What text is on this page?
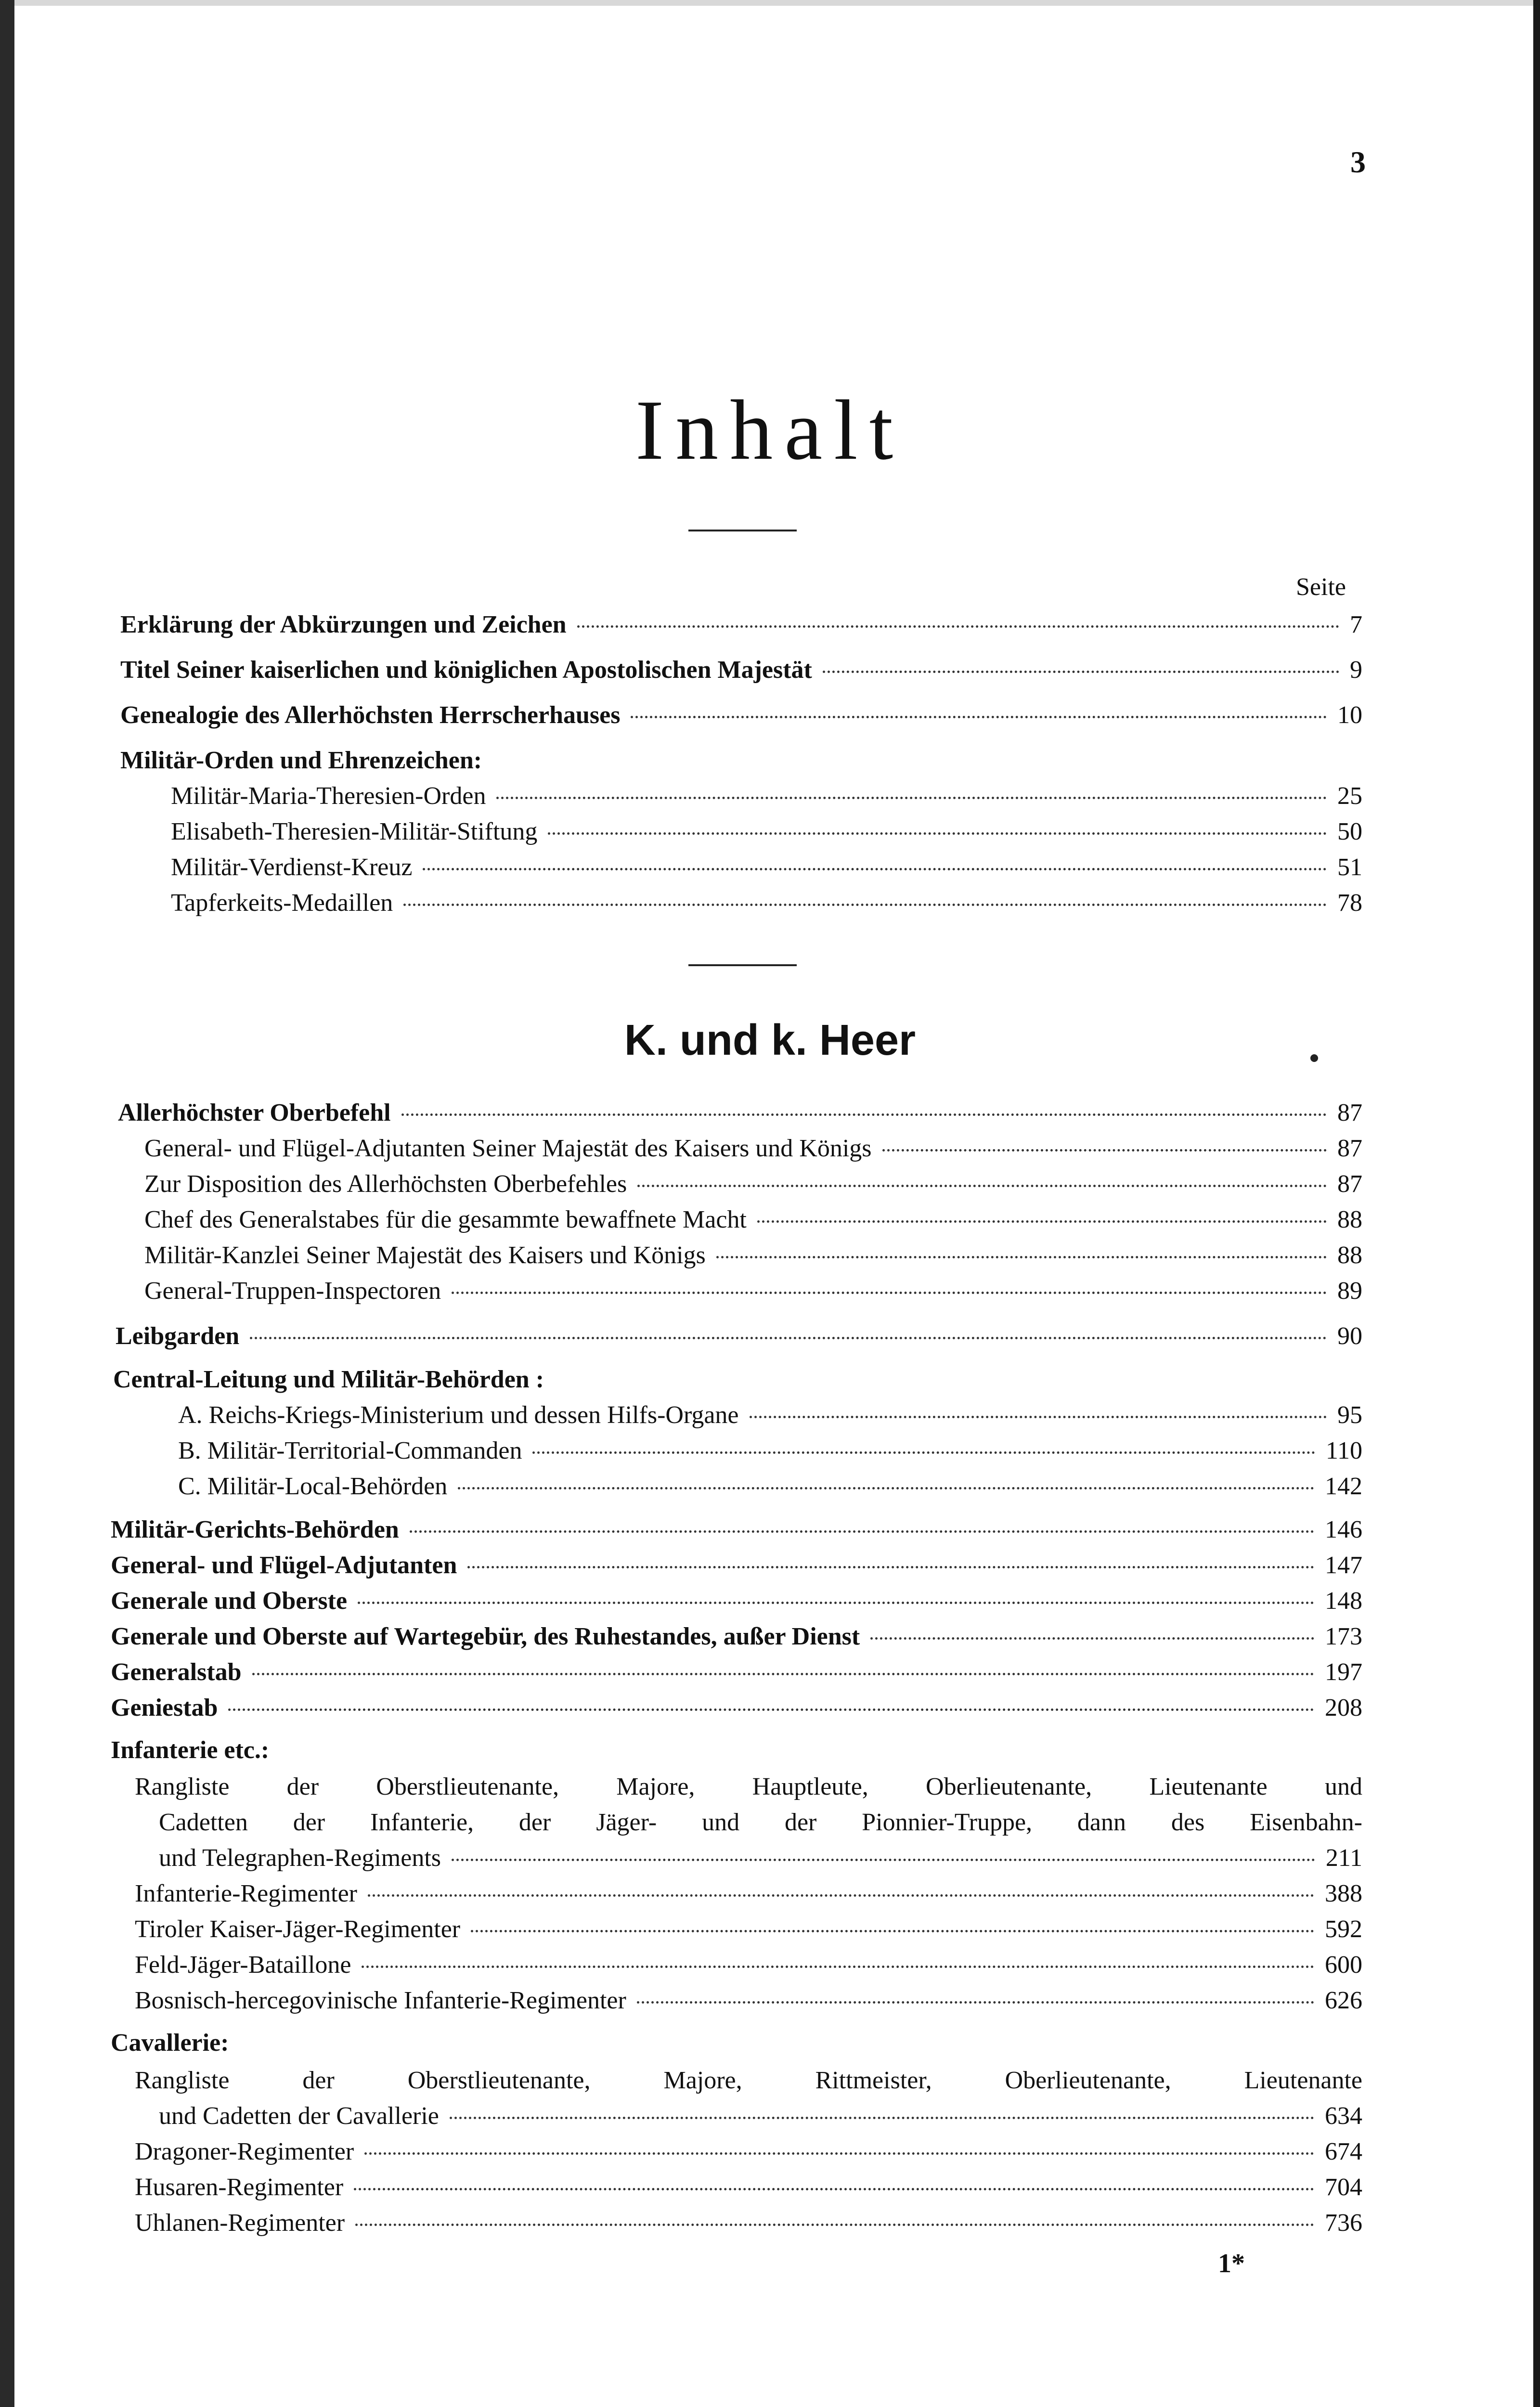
3
Inhalt
Seite
Erklärung der Abkürzungen und Zeichen	7
Titel Seiner kaiserlichen und königlichen Apostolischen Majestät	9
Genealogie des Allerhöchsten Herrscherhauses	10
Militär-Orden und Ehrenzeichen:
Militär-Maria-Theresien-Orden	25
Elisabeth-Theresien-Militär-Stiftung	50
Militär-Verdienst-Kreuz	51
Tapferkeits-Medaillen	78
K. und k. Heer
Allerhöchster Oberbefehl	87
General- und Flügel-Adjutanten Seiner Majestät des Kaisers und Königs	87
Zur Disposition des Allerhöchsten Oberbefehles	87
Chef des Generalstabes für die gesammte bewaffnete Macht	88
Militär-Kanzlei Seiner Majestät des Kaisers und Königs	88
General-Truppen-Inspectoren	89
Leibgarden	90
Central-Leitung und Militär-Behörden :
A. Reichs-Kriegs-Ministerium und dessen Hilfs-Organe	95
B. Militär-Territorial-Commanden	110
C. Militär-Local-Behörden	142
Militär-Gerichts-Behörden	146
General- und Flügel-Adjutanten	147
Generale und Oberste	148
Generale und Oberste auf Wartegebür, des Ruhestandes, außer Dienst	173
Generalstab	197
Geniestab	208
Infanterie etc.:
Rangliste der Oberstlieutenante, Majore, Hauptleute, Oberlieutenante, Lieutenante und
Cadetten der Infanterie, der Jäger- und der Pionnier-Truppe, dann des Eisenbahn-
und Telegraphen-Regiments	211
Infanterie-Regimenter	388
Tiroler Kaiser-Jäger-Regimenter	592
Feld-Jäger-Bataillone	600
Bosnisch-hercegovinische Infanterie-Regimenter	626
Cavallerie:
Rangliste der Oberstlieutenante, Majore, Rittmeister, Oberlieutenante, Lieutenante
und Cadetten der Cavallerie	634
Dragoner-Regimenter	674
Husaren-Regimenter	704
Uhlanen-Regimenter	736
1*
